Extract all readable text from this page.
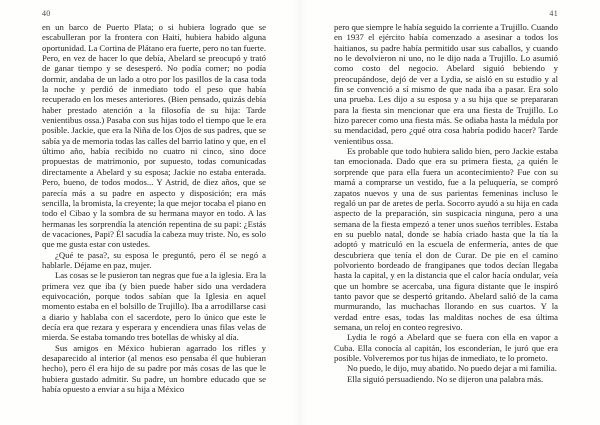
40

en un barco de Puerto Plata; o si hubiera logrado que se escabulleran por la frontera con Haití, hubiera habido alguna oportunidad. La Cortina de Plátano era fuerte, pero no tan fuerte. Pero, en vez de hacer lo que debía, Abelard se preocupó y trató de ganar tiempo y se desesperó. No podía comer; no podía dormir, andaba de un lado a otro por los pasillos de la casa toda la noche y perdió de inmediato todo el peso que había recuperado en los meses anteriores. (Bien pensado, quizás debía haber prestado atención a la filosofía de su hija: Tarde venientibus ossa.) Pasaba con sus hijas todo el tiempo que le era posible. Jackie, que era la Niña de los Ojos de sus padres, que se sabía ya de memoria todas las calles del barrio latino y que, en el último año, había recibido no cuatro ni cinco, sino doce propuestas de matrimonio, por supuesto, todas comunicadas directamente a Abelard y su esposa; Jackie no estaba enterada. Pero, bueno, de todos modos... Y Astrid, de diez años, que se parecía más a su padre en aspecto y disposición; era más sencilla, la bromista, la creyente; la que mejor tocaba el piano en todo el Cibao y la sombra de su hermana mayor en todo. A las hermanas les sorprendía la atención repentina de su papi: ¿Estás de vacaciones, Papi? Él sacudía la cabeza muy triste. No, es solo que me gusta estar con ustedes.

¿Qué te pasa?, su esposa le preguntó, pero él se negó a hablarle. Déjame en paz, mujer.

Las cosas se le pusieron tan negras que fue a la iglesia. Era la primera vez que iba (y bien puede haber sido una verdadera equivocación, porque todos sabían que la Iglesia en aquel momento estaba en el bolsillo de Trujillo). Iba a arrodillarse casi a diario y hablaba con el sacerdote, pero lo único que este le decía era que rezara y esperara y encendiera unas filas velas de mierda. Se estaba tomando tres botellas de whisky al día.

Sus amigos en México hubieran agarrado los rifles y desaparecido al interior (al menos eso pensaba él que hubieran hecho), pero él era hijo de su padre por más cosas de las que le hubiera gustado admitir. Su padre, un hombre educado que se había opuesto a enviar a su hija a México

41

pero que siempre le había seguido la corriente a Trujillo. Cuando en 1937 el ejército había comenzado a asesinar a todos los haitianos, su padre había permitido usar sus caballos, y cuando no le devolvieron ni uno, no le dijo nada a Trujillo. Lo asumió como costo del negocio. Abelard siguió bebiendo y preocupándose, dejó de ver a Lydia, se aisló en su estudio y al fin se convenció a sí mismo de que nada iba a pasar. Era solo una prueba. Les dijo a su esposa y a su hija que se prepararan para la fiesta sin mencionar que era una fiesta de Trujillo. Lo hizo parecer como una fiesta más. Se odiaba hasta la médula por su mendacidad, pero ¿qué otra cosa habría podido hacer? Tarde venientibus ossa.

Es probable que todo hubiera salido bien, pero Jackie estaba tan emocionada. Dado que era su primera fiesta, ¿a quién le sorprende que para ella fuera un acontecimiento? Fue con su mamá a comprarse un vestido, fue a la peluquería, se compró zapatos nuevos y una de sus parientas femeninas incluso le regaló un par de aretes de perla. Socorro ayudó a su hija en cada aspecto de la preparación, sin suspicacia ninguna, pero a una semana de la fiesta empezó a tener unos sueños terribles. Estaba en su pueblo natal, donde se había criado hasta que la tía la adoptó y matriculó en la escuela de enfermería, antes de que descubriera que tenía el don de Curar. De pie en el camino polvoriento bordeado de frangipanes que todos decían llegaba hasta la capital, y en la distancia que el calor hacía ondular, veía que un hombre se acercaba, una figura distante que le inspiró tanto pavor que se despertó gritando. Abelard salió de la cama murmurando, las muchachas llorando en sus cuartos. Y la verdad entre esas, todas las malditas noches de esa última semana, un reloj en conteo regresivo.

Lydia le rogó a Abelard que se fuera con ella en vapor a Cuba. Ella conocía al capitán, los esconderían, le juró que era posible. Volveremos por tus hijas de inmediato, te lo prometo.

No puedo, le dijo, muy abatido. No puedo dejar a mi familia.

Ella siguió persuadiendo. No se dijeron una palabra más.
